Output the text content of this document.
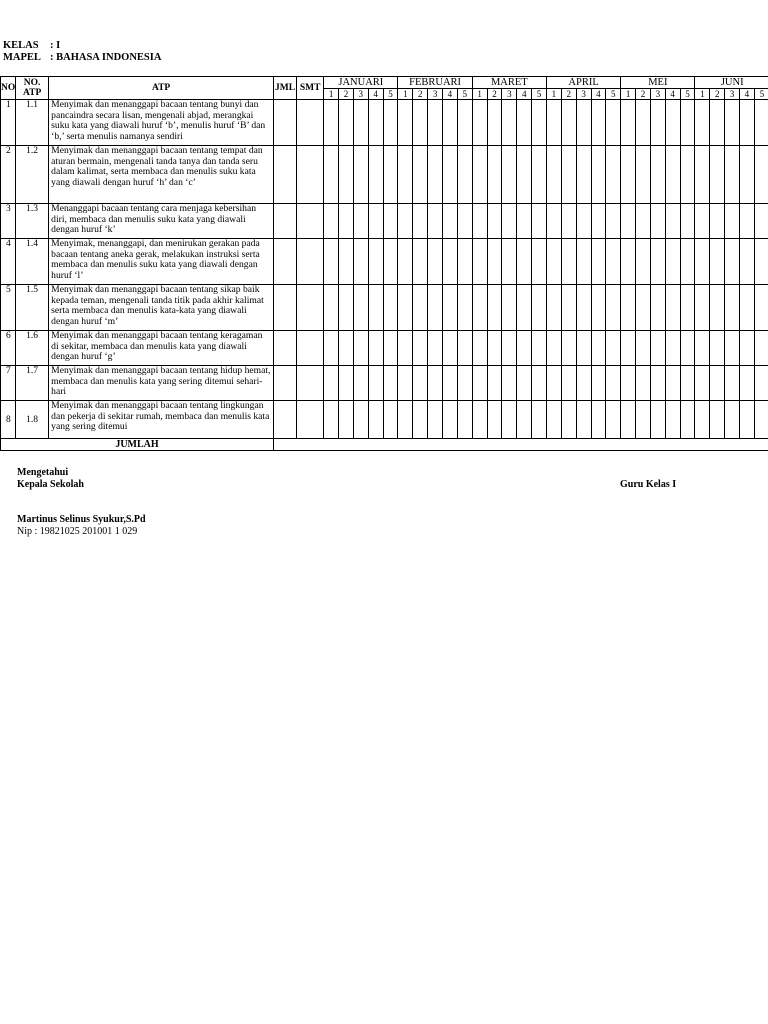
KELAS : I
MAPEL : BAHASA INDONESIA
NO	NO. ATP	ATP	JML	SMT	JANUARI					FEBRUARI					MARET					APRIL					MEI					JUNI				
					1	2	3	4	5	1	2	3	4	5	1	2	3	4	5	1	2	3	4	5	1	2	3	4	5	1	2	3	4	5
1	1.1	Menyimak dan menanggapi bacaan tentang bunyi dan pancaindra secara lisan, mengenali abjad, merangkai suku kata yang diawali huruf ‘b’, menulis huruf ‘B’ dan ‘b,’ serta menulis namanya sendiri																																
2	1.2	Menyimak dan menanggapi bacaan tentang tempat dan aturan bermain, mengenali tanda tanya dan tanda seru dalam kalimat, serta membaca dan menulis suku kata yang diawali dengan huruf ‘h’ dan ‘c’																																
3	1.3	Menanggapi bacaan tentang cara menjaga kebersihan diri, membaca dan menulis suku kata yang diawali dengan huruf ‘k’																																
4	1.4	Menyimak, menanggapi, dan menirukan gerakan pada bacaan tentang aneka gerak, melakukan instruksi serta membaca dan menulis suku kata yang diawali dengan huruf ‘l’																																
5	1.5	Menyimak dan menanggapi bacaan tentang sikap baik kepada teman, mengenali tanda titik pada akhir kalimat serta membaca dan menulis kata-kata yang diawali dengan huruf ‘m’																																
6	1.6	Menyimak dan menanggapi bacaan tentang keragaman di sekitar, membaca dan menulis kata yang diawali dengan huruf ‘g’																																
7	1.7	Menyimak dan menanggapi bacaan tentang hidup hemat, membaca dan menulis kata yang sering ditemui sehari-hari																																
8	1.8	Menyimak dan menanggapi bacaan tentang lingkungan dan pekerja di sekitar rumah, membaca dan menulis kata yang sering ditemui																																
JUMLAH																																		
Mengetahui
Kepala Sekolah	Guru Kelas I
Martinus Selinus Syukur,S.Pd
Nip : 19821025 201001 1 029
